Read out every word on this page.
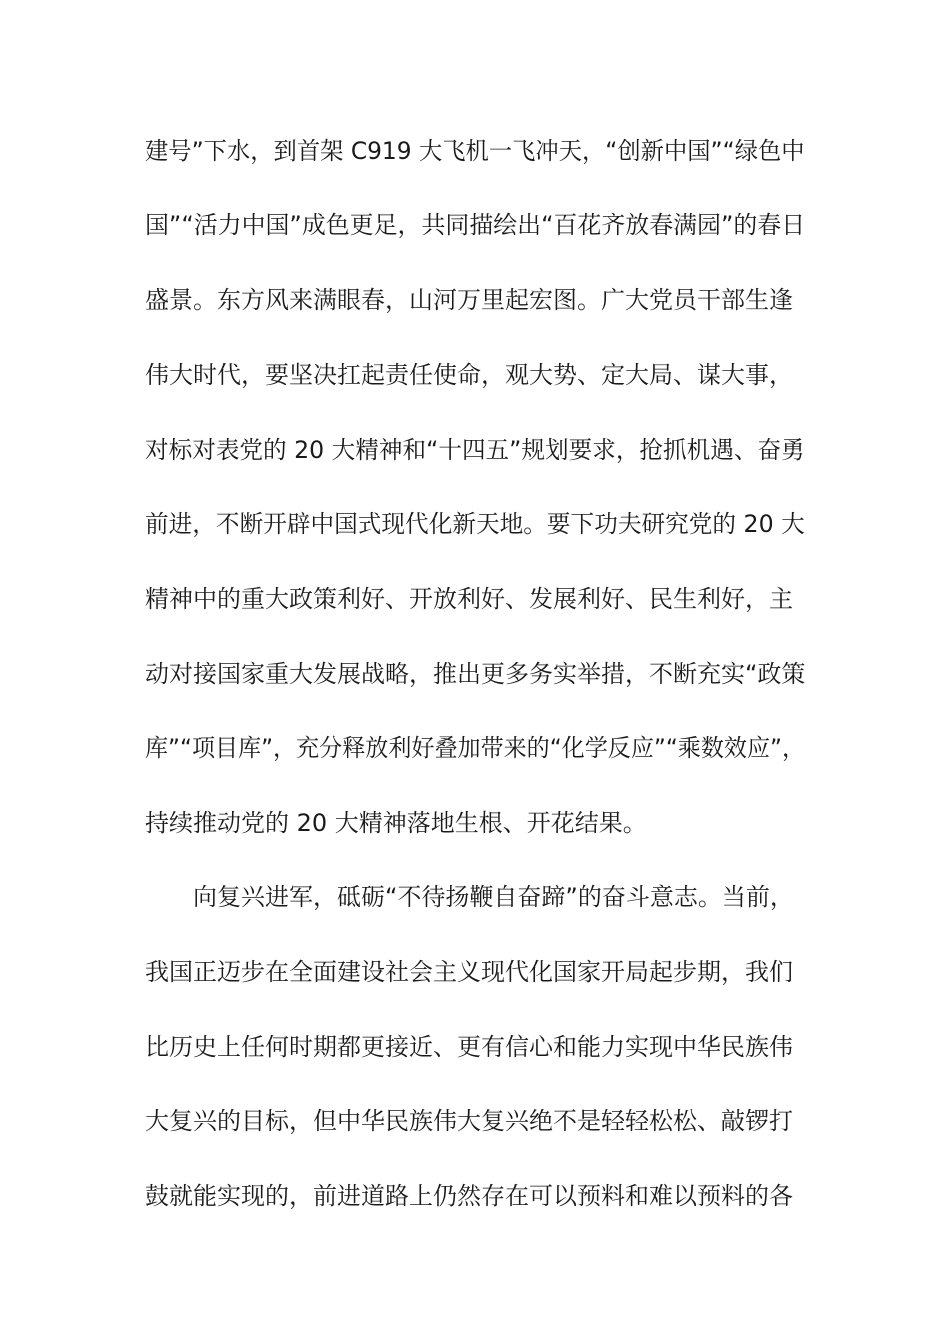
建号”下水，到首架 C919 大飞机一飞冲天，“创新中国”“绿色中
国”“活力中国”成色更足，共同描绘出“百花齐放春满园”的春日
盛景。东方风来满眼春，山河万里起宏图。广大党员干部生逢
伟大时代，要坚决扛起责任使命，观大势、定大局、谋大事，
对标对表党的 20 大精神和“十四五”规划要求，抢抓机遇、奋勇
前进，不断开辟中国式现代化新天地。要下功夫研究党的 20 大
精神中的重大政策利好、开放利好、发展利好、民生利好，主
动对接国家重大发展战略，推出更多务实举措，不断充实“政策
库”“项目库”，充分释放利好叠加带来的“化学反应”“乘数效应”，
持续推动党的 20 大精神落地生根、开花结果。
　　向复兴进军，砥砺“不待扬鞭自奋蹄”的奋斗意志。当前，
我国正迈步在全面建设社会主义现代化国家开局起步期，我们
比历史上任何时期都更接近、更有信心和能力实现中华民族伟
大复兴的目标，但中华民族伟大复兴绝不是轻轻松松、敲锣打
鼓就能实现的，前进道路上仍然存在可以预料和难以预料的各
